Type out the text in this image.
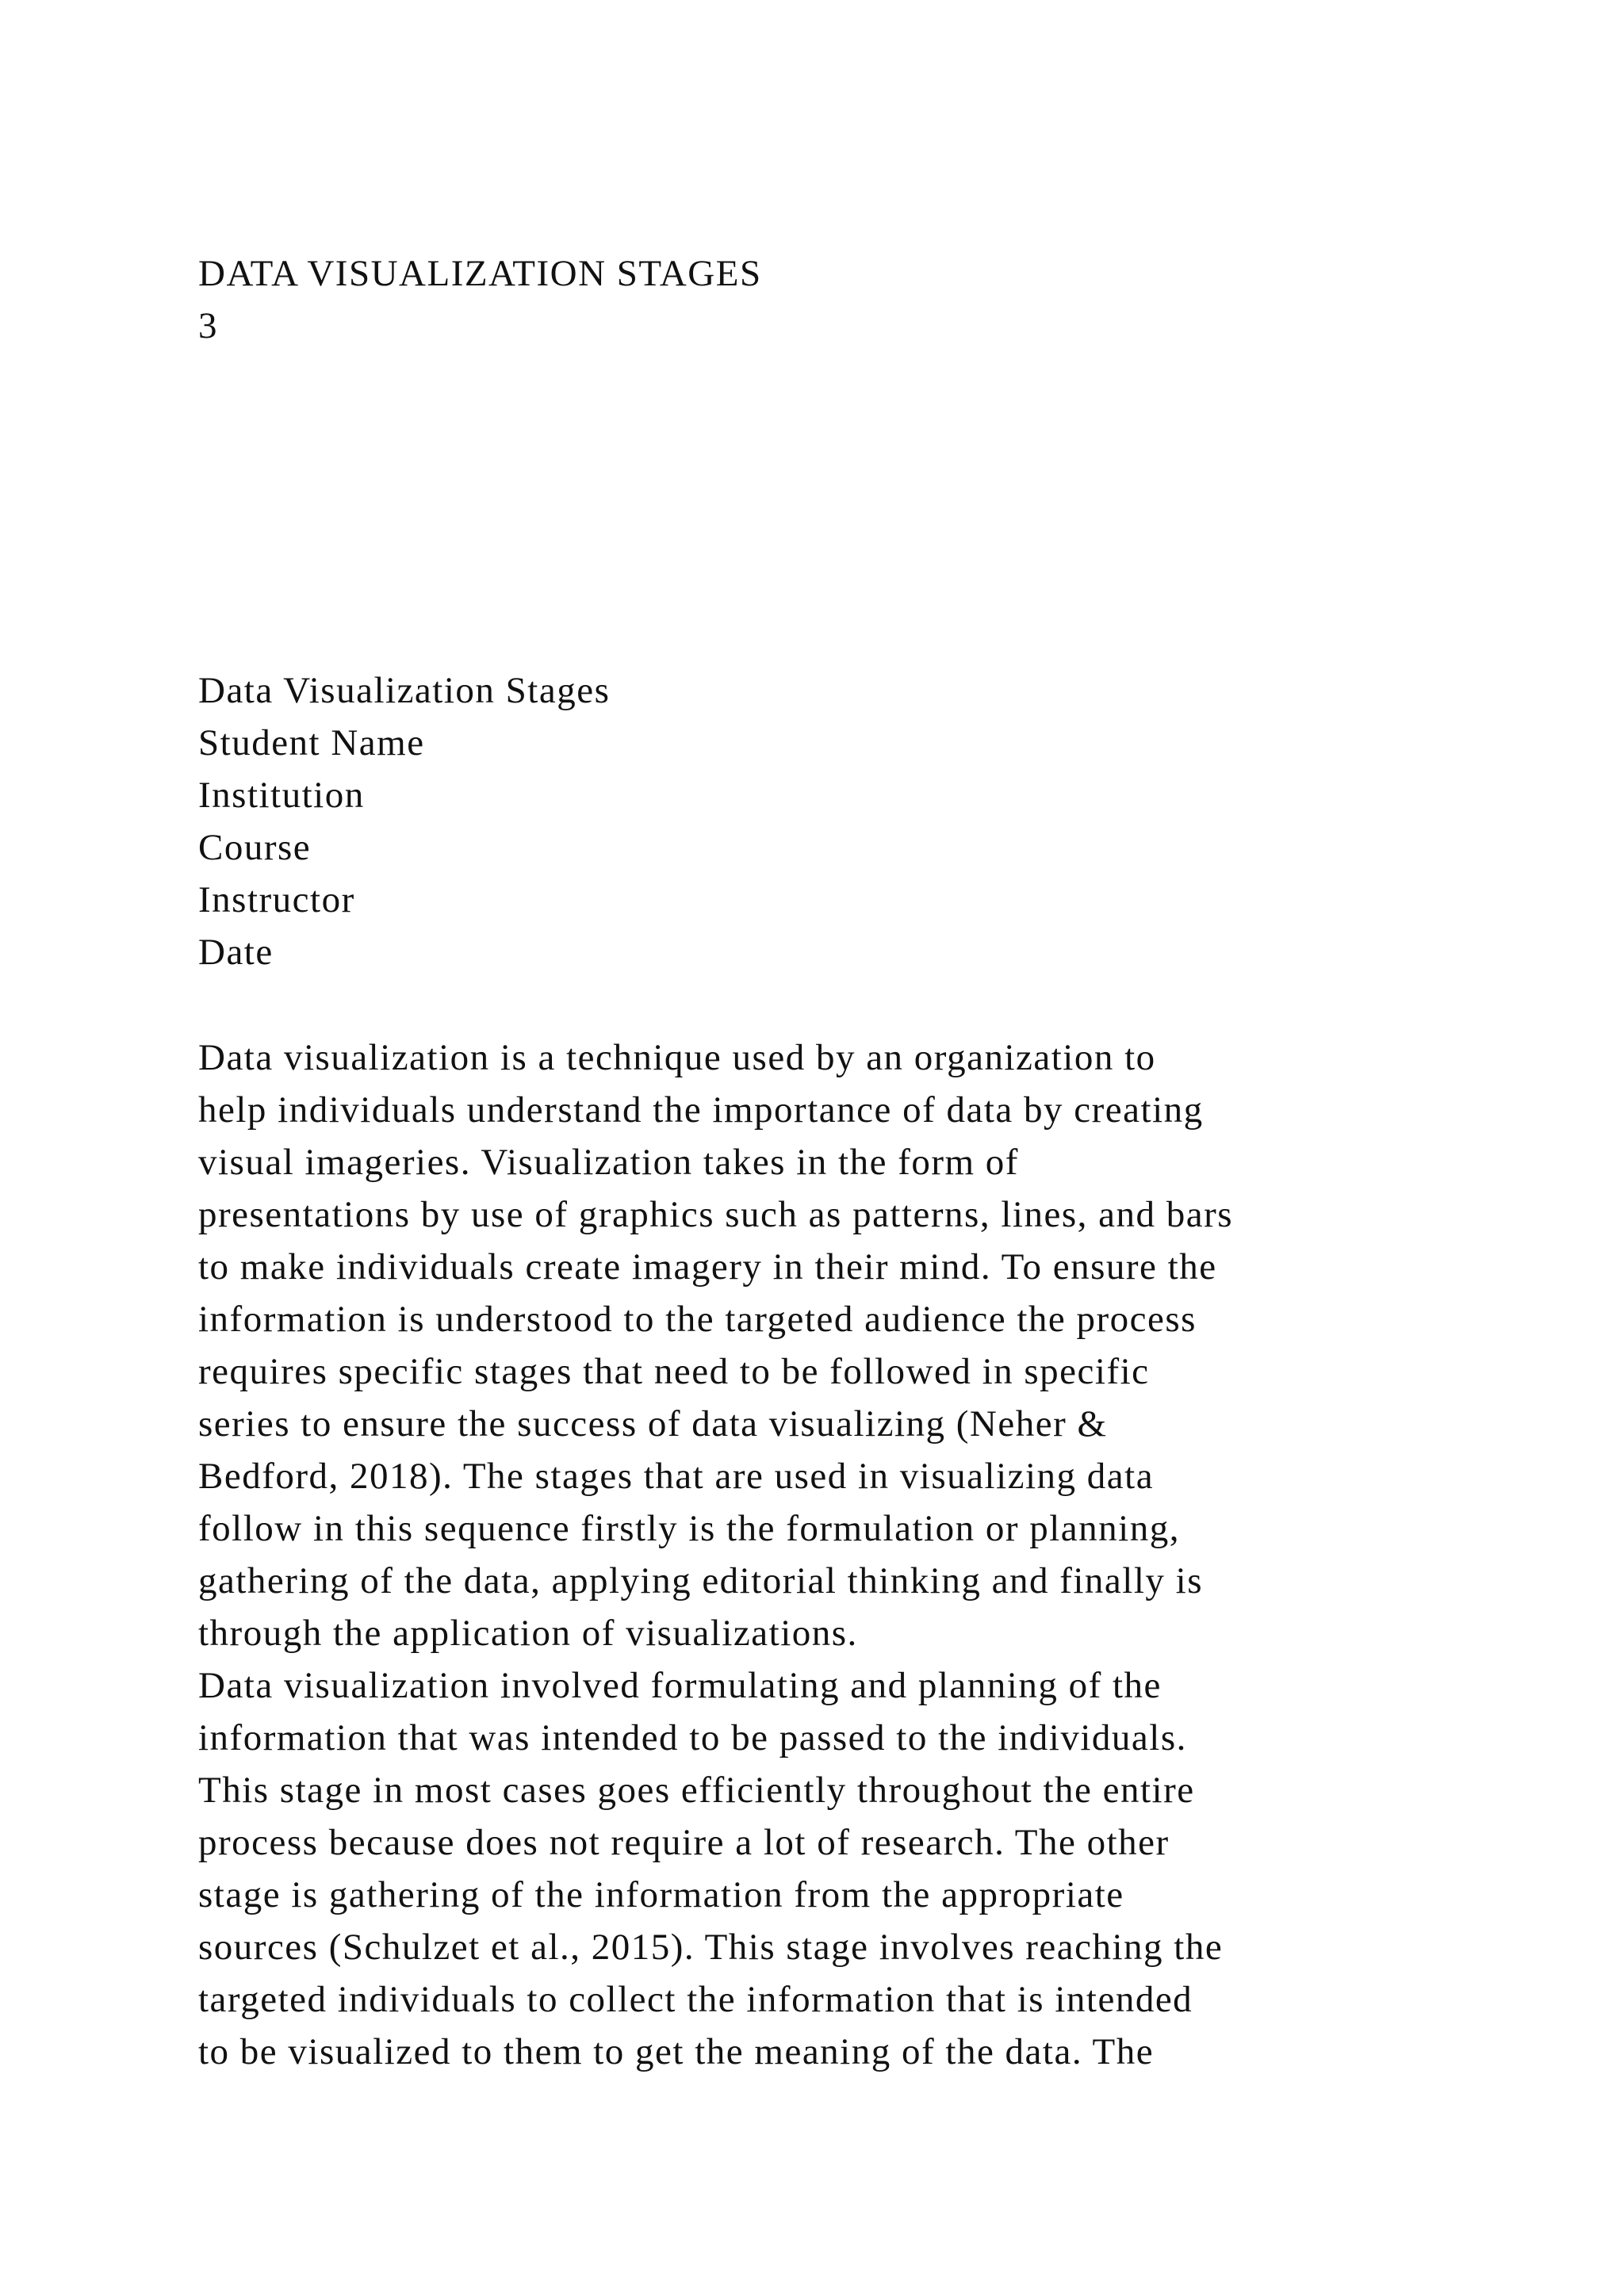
DATA VISUALIZATION STAGES
3
Data Visualization Stages
Student Name
Institution
Course
Instructor
Date
Data visualization is a technique used by an organization to
help individuals understand the importance of data by creating
visual imageries. Visualization takes in the form of
presentations by use of graphics such as patterns, lines, and bars
to make individuals create imagery in their mind. To ensure the
information is understood to the targeted audience the process
requires specific stages that need to be followed in specific
series to ensure the success of data visualizing (Neher &
Bedford, 2018). The stages that are used in visualizing data
follow in this sequence firstly is the formulation or planning,
gathering of the data, applying editorial thinking and finally is
through the application of visualizations.
Data visualization involved formulating and planning of the
information that was intended to be passed to the individuals.
This stage in most cases goes efficiently throughout the entire
process because does not require a lot of research. The other
stage is gathering of the information from the appropriate
sources (Schulzet et al., 2015). This stage involves reaching the
targeted individuals to collect the information that is intended
to be visualized to them to get the meaning of the data. The
